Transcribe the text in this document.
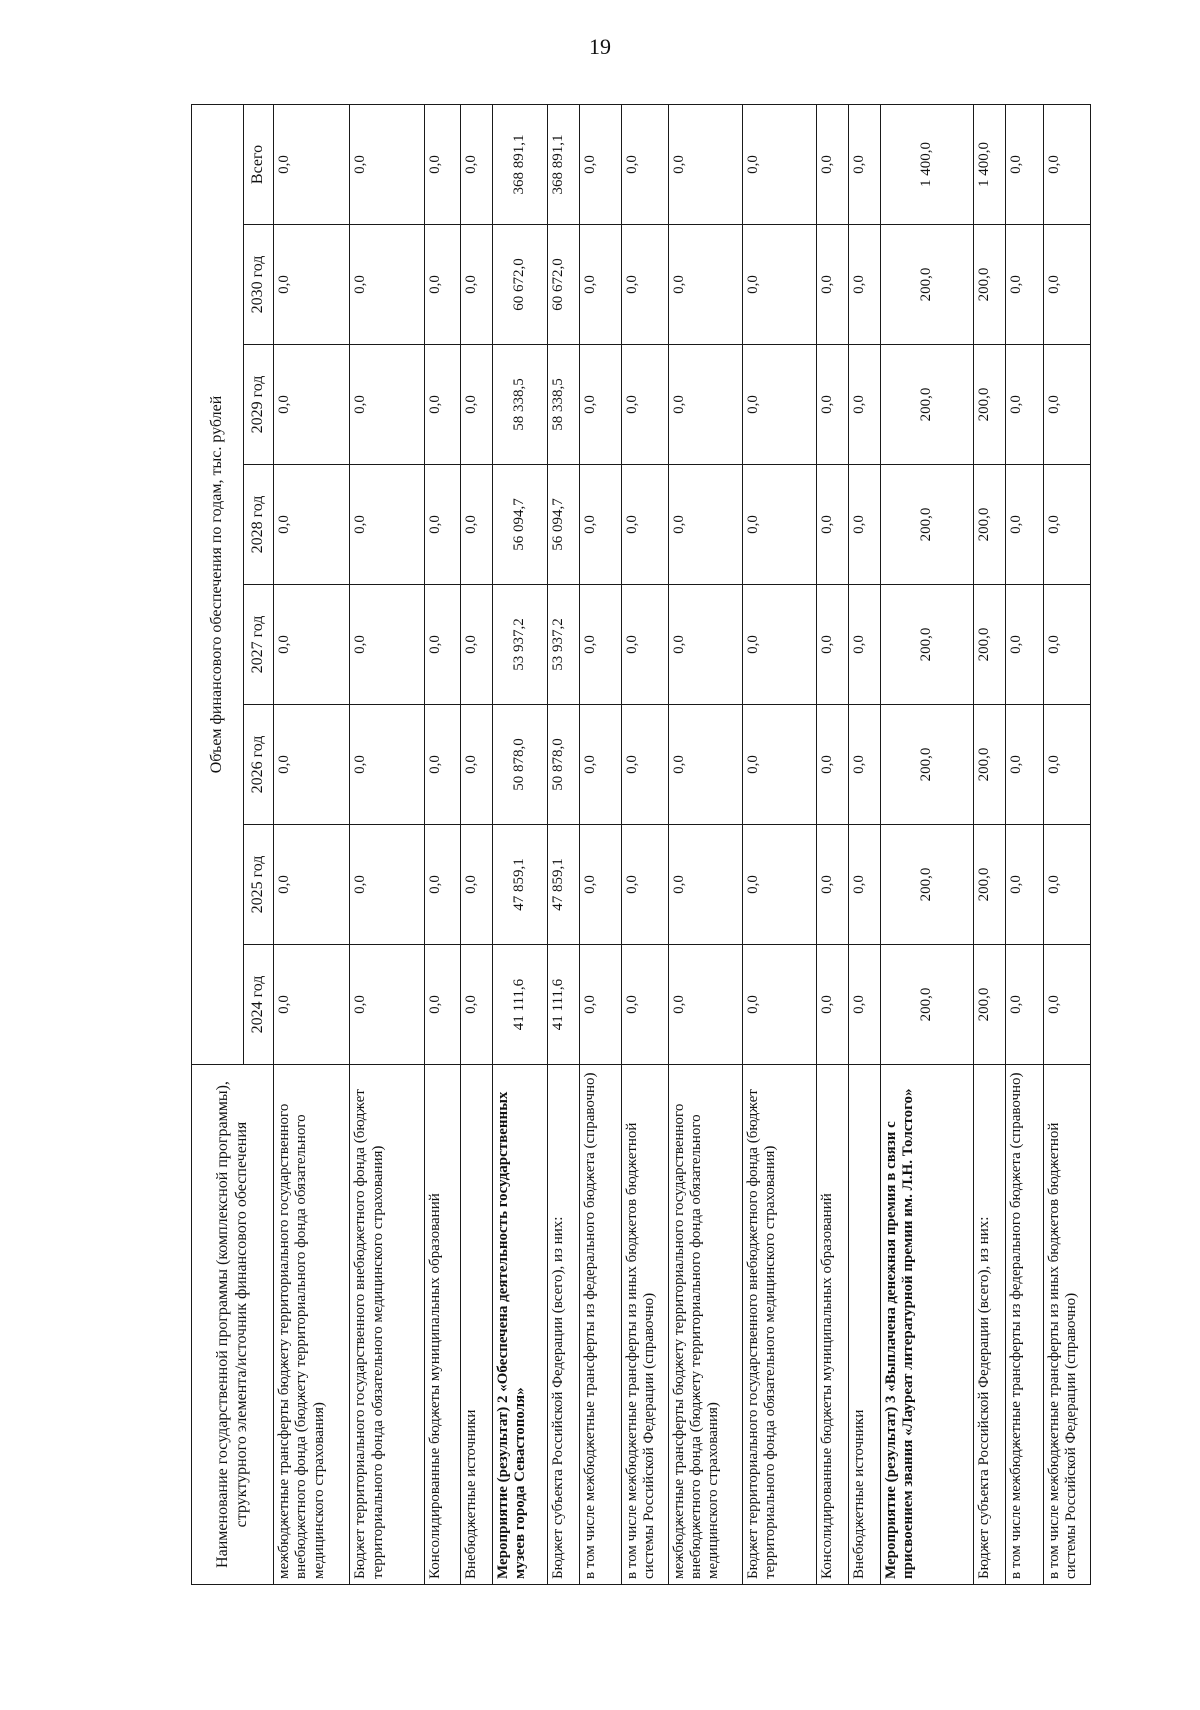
19
Наименование государственной программы (комплексной программы), структурного элемента/источник финансового обеспечения	Объем финансового обеспечения по годам, тыс. рублей							
	2024 год	2025 год	2026 год	2027 год	2028 год	2029 год	2030 год	Всего
межбюджетные трансферты бюджету территориального государственного внебюджетного фонда (бюджету территориального фонда обязательного медицинского страхования)	0,0	0,0	0,0	0,0	0,0	0,0	0,0	0,0
Бюджет территориального государственного внебюджетного фонда (бюджет территориального фонда обязательного медицинского страхования)	0,0	0,0	0,0	0,0	0,0	0,0	0,0	0,0
Консолидированные бюджеты муниципальных образований	0,0	0,0	0,0	0,0	0,0	0,0	0,0	0,0
Внебюджетные источники	0,0	0,0	0,0	0,0	0,0	0,0	0,0	0,0
Мероприятие (результат) 2 «Обеспечена деятельность государственных музеев города Севастополя»	41 111,6	47 859,1	50 878,0	53 937,2	56 094,7	58 338,5	60 672,0	368 891,1
Бюджет субъекта Российской Федерации (всего), из них:	41 111,6	47 859,1	50 878,0	53 937,2	56 094,7	58 338,5	60 672,0	368 891,1
в том числе межбюджетные трансферты из федерального бюджета (справочно)	0,0	0,0	0,0	0,0	0,0	0,0	0,0	0,0
в том числе межбюджетные трансферты из иных бюджетов бюджетной системы Российской Федерации (справочно)	0,0	0,0	0,0	0,0	0,0	0,0	0,0	0,0
межбюджетные трансферты бюджету территориального государственного внебюджетного фонда (бюджету территориального фонда обязательного медицинского страхования)	0,0	0,0	0,0	0,0	0,0	0,0	0,0	0,0
Бюджет территориального государственного внебюджетного фонда (бюджет территориального фонда обязательного медицинского страхования)	0,0	0,0	0,0	0,0	0,0	0,0	0,0	0,0
Консолидированные бюджеты муниципальных образований	0,0	0,0	0,0	0,0	0,0	0,0	0,0	0,0
Внебюджетные источники	0,0	0,0	0,0	0,0	0,0	0,0	0,0	0,0
Мероприятие (результат) 3 «Выплачена денежная премия в связи с присвоением звания «Лауреат литературной премии им. Л.Н. Толстого»	200,0	200,0	200,0	200,0	200,0	200,0	200,0	1 400,0
Бюджет субъекта Российской Федерации (всего), из них:	200,0	200,0	200,0	200,0	200,0	200,0	200,0	1 400,0
в том числе межбюджетные трансферты из федерального бюджета (справочно)	0,0	0,0	0,0	0,0	0,0	0,0	0,0	0,0
в том числе межбюджетные трансферты из иных бюджетов бюджетной системы Российской Федерации (справочно)	0,0	0,0	0,0	0,0	0,0	0,0	0,0	0,0
